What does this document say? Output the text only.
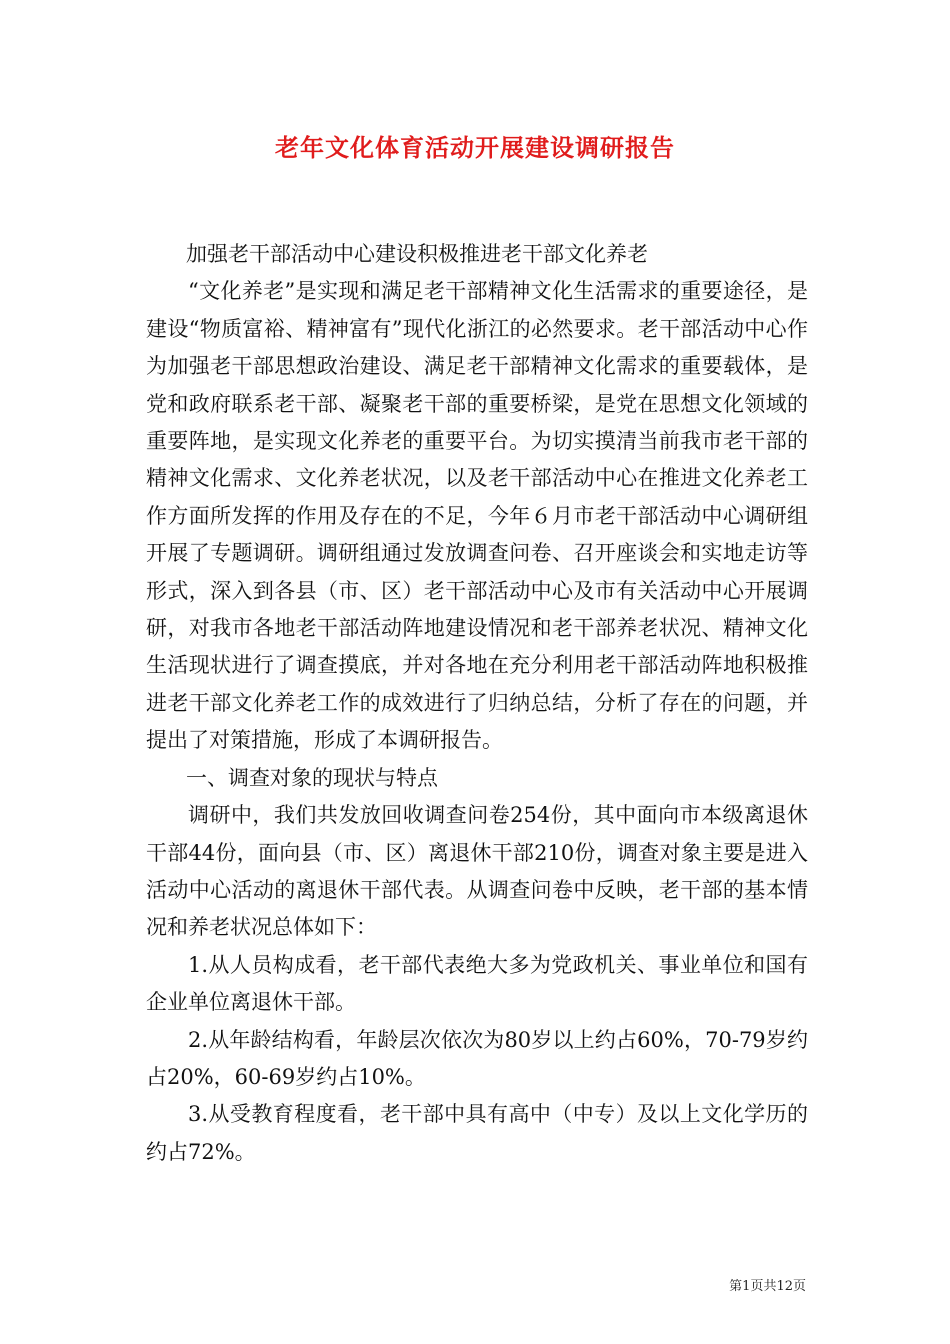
老年文化体育活动开展建设调研报告

加强老干部活动中心建设积极推进老干部文化养老

“文化养老”是实现和满足老干部精神文化生活需求的重要途径，是建设“物质富裕、精神富有”现代化浙江的必然要求。老干部活动中心作为加强老干部思想政治建设、满足老干部精神文化需求的重要载体，是党和政府联系老干部、凝聚老干部的重要桥梁，是党在思想文化领域的重要阵地，是实现文化养老的重要平台。为切实摸清当前我市老干部的精神文化需求、文化养老状况，以及老干部活动中心在推进文化养老工作方面所发挥的作用及存在的不足，今年６月市老干部活动中心调研组开展了专题调研。调研组通过发放调查问卷、召开座谈会和实地走访等形式，深入到各县（市、区）老干部活动中心及市有关活动中心开展调研，对我市各地老干部活动阵地建设情况和老干部养老状况、精神文化生活现状进行了调查摸底，并对各地在充分利用老干部活动阵地积极推进老干部文化养老工作的成效进行了归纳总结，分析了存在的问题，并提出了对策措施，形成了本调研报告。

一、调查对象的现状与特点

调研中，我们共发放回收调查问卷254份，其中面向市本级离退休干部44份，面向县（市、区）离退休干部210份，调查对象主要是进入活动中心活动的离退休干部代表。从调查问卷中反映，老干部的基本情况和养老状况总体如下：

1.从人员构成看，老干部代表绝大多为党政机关、事业单位和国有企业单位离退休干部。

2.从年龄结构看，年龄层次依次为80岁以上约占60%，70-79岁约占20%，60-69岁约占10%。

3.从受教育程度看，老干部中具有高中（中专）及以上文化学历的约占72%。

第1页共12页
